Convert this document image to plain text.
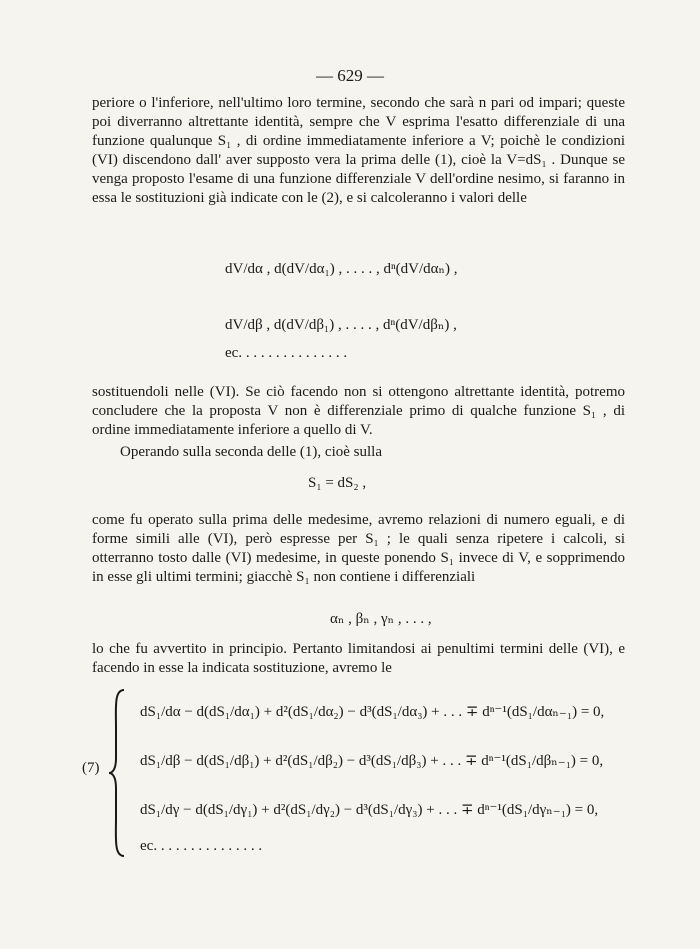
— 629 —

periore o l'inferiore, nell'ultimo loro termine, secondo che sarà n pari od impari; queste poi diverranno altrettante identità, sempre che V esprima l'esatto differenziale di una funzione qualunque S₁ , di ordine immediatamente inferiore a V; poichè le condizioni (VI) discendono dall' aver supposto vera la prima delle (1), cioè la V=dS₁ . Dunque se venga proposto l'esame di una funzione differenziale V dell'ordine nesimo, si faranno in essa le sostituzioni già indicate con le (2), e si calcoleranno i valori delle

dV/dα , d(dV/dα₁) , . . . . , dⁿ(dV/dαₙ) ,
dV/dβ , d(dV/dβ₁) , . . . . , dⁿ(dV/dβₙ) ,
ec. . . . . . . . . . . . . . .

sostituendoli nelle (VI). Se ciò facendo non si ottengono altrettante identità, potremo concludere che la proposta V non è differenziale primo di qualche funzione S₁ , di ordine immediatamente inferiore a quello di V.

Operando sulla seconda delle (1), cioè sulla
S₁ = dS₂ ,

come fu operato sulla prima delle medesime, avremo relazioni di numero eguali, e di forme simili alle (VI), però espresse per S₁ ; le quali senza ripetere i calcoli, si otterranno tosto dalle (VI) medesime, in queste ponendo S₁ invece di V, e sopprimendo in esse gli ultimi termini; giacchè S₁ non contiene i differenziali

αₙ , βₙ , γₙ , . . . ,

lo che fu avvertito in principio. Pertanto limitandosi ai penultimi termini delle (VI), e facendo in esse la indicata sostituzione, avremo le

(7)
dS₁/dα − d(dS₁/dα₁) + d²(dS₁/dα₂) − d³(dS₁/dα₃) + . . . ∓ dⁿ⁻¹(dS₁/dαₙ₋₁) = 0,
dS₁/dβ − d(dS₁/dβ₁) + d²(dS₁/dβ₂) − d³(dS₁/dβ₃) + . . . ∓ dⁿ⁻¹(dS₁/dβₙ₋₁) = 0,
dS₁/dγ − d(dS₁/dγ₁) + d²(dS₁/dγ₂) − d³(dS₁/dγ₃) + . . . ∓ dⁿ⁻¹(dS₁/dγₙ₋₁) = 0,
ec. . . . . . . . . . . . . . .
